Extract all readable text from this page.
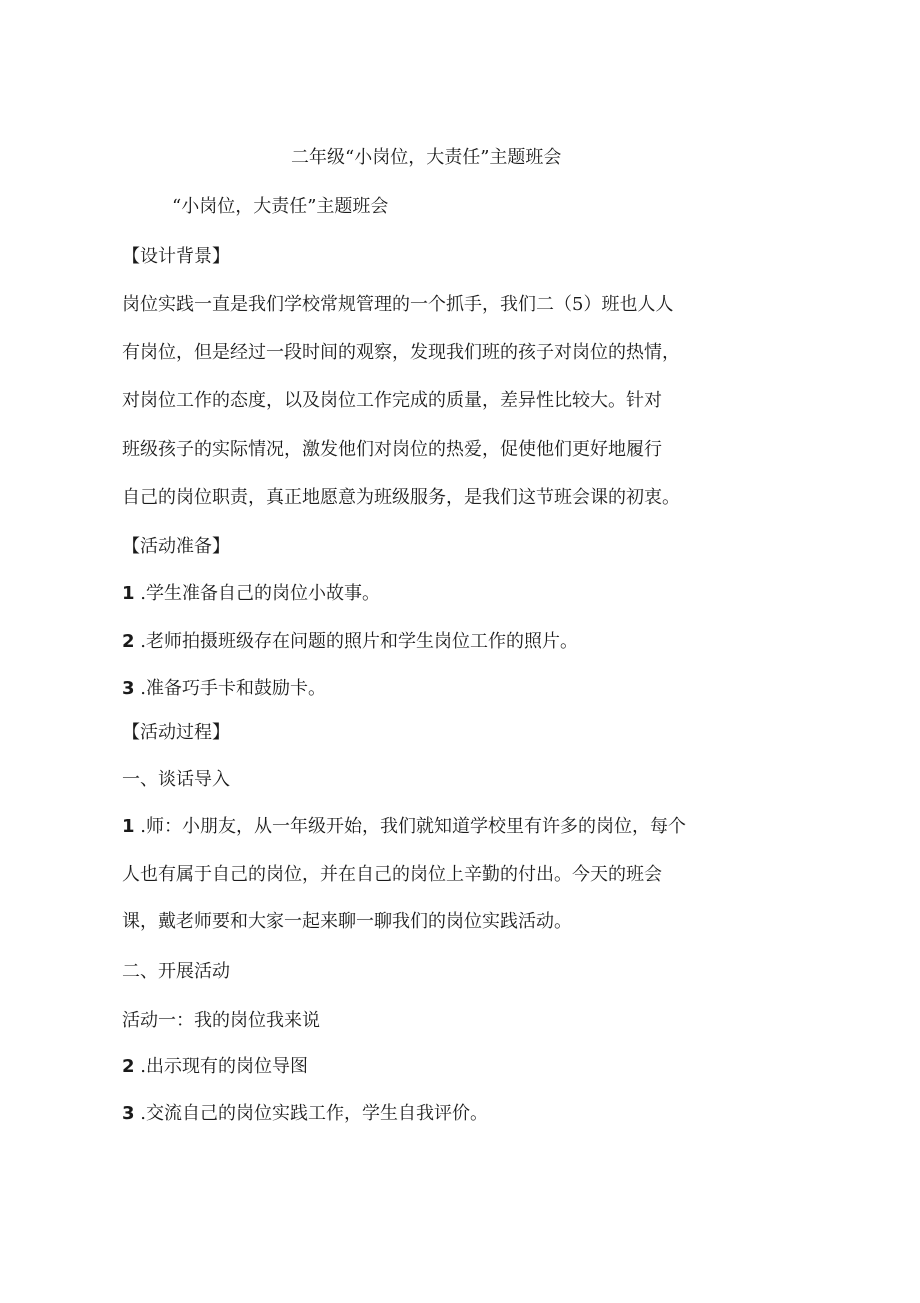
二年级“小岗位，大责任”主题班会
“小岗位，大责任”主题班会
【设计背景】
岗位实践一直是我们学校常规管理的一个抓手，我们二（5）班也人人
有岗位，但是经过一段时间的观察，发现我们班的孩子对岗位的热情，
对岗位工作的态度，以及岗位工作完成的质量，差异性比较大。针对
班级孩子的实际情况，激发他们对岗位的热爱，促使他们更好地履行
自己的岗位职责，真正地愿意为班级服务，是我们这节班会课的初衷。
【活动准备】
1 .学生准备自己的岗位小故事。
2 .老师拍摄班级存在问题的照片和学生岗位工作的照片。
3 .准备巧手卡和鼓励卡。
【活动过程】
一、谈话导入
1 .师：小朋友，从一年级开始，我们就知道学校里有许多的岗位，每个
人也有属于自己的岗位，并在自己的岗位上辛勤的付出。今天的班会
课，戴老师要和大家一起来聊一聊我们的岗位实践活动。
二、开展活动
活动一：我的岗位我来说
2 .出示现有的岗位导图
3 .交流自己的岗位实践工作，学生自我评价。
